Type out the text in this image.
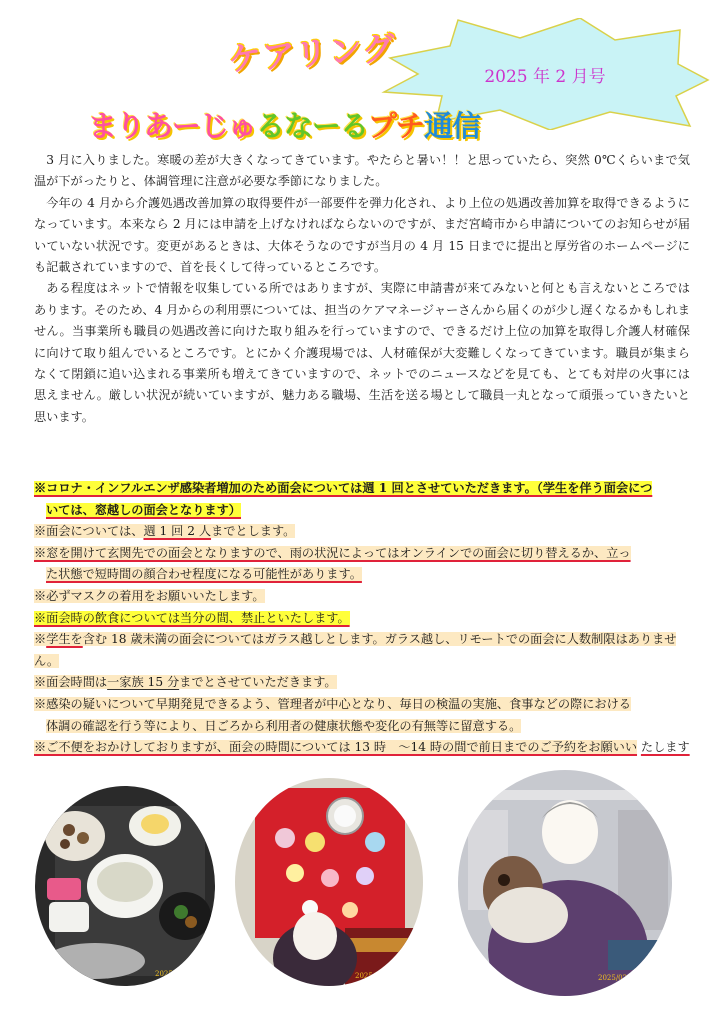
ケアリング	2025 年 2 月号
まりあーじゅるなーるプチ通信

3 月に入りました。寒暖の差が大きくなってきています。やたらと暑い！！と思っていたら、突然 0℃くらいまで気温が下がったりと、体調管理に注意が必要な季節になりました。

今年の 4 月から介護処遇改善加算の取得要件が一部要件を弾力化され、より上位の処遇改善加算を取得できるようになっています。本来なら 2 月には申請を上げなければならないのですが、まだ宮崎市から申請についてのお知らせが届いていない状況です。変更があるときは、大体そうなのですが当月の 4 月 15 日までに提出と厚労省のホームページにも記載されていますので、首を長くして待っているところです。

ある程度はネットで情報を収集している所ではありますが、実際に申請書が来てみないと何とも言えないところではあります。そのため、4 月からの利用票については、担当のケアマネージャーさんから届くのが少し遅くなるかもしれません。当事業所も職員の処遇改善に向けた取り組みを行っていますので、できるだけ上位の加算を取得し介護人材確保に向けて取り組んでいるところです。とにかく介護現場では、人材確保が大変難しくなってきています。職員が集まらなくて閉鎖に追い込まれる事業所も増えてきていますので、ネットでのニュースなどを見ても、とても対岸の火事には思えません。厳しい状況が続いていますが、魅力ある職場、生活を送る場として職員一丸となって頑張っていきたいと思います。

※コロナ・インフルエンザ感染者増加のため面会については週 1 回とさせていただきます。（学生を伴う面会につ
いては、窓越しの面会となります）
※面会については、週 1 回 2 人までとします。
※窓を開けて玄関先での面会となりますので、雨の状況によってはオンラインでの面会に切り替えるか、立っ
た状態で短時間の顔合わせ程度になる可能性があります。
※必ずマスクの着用をお願いいたします。
※面会時の飲食については当分の間、禁止といたします。
※学生を含む 18 歳未満の面会についてはガラス越しとします。ガラス越し、リモートでの面会に人数制限はありません。
※面会時間は一家族 15 分までとさせていただきます。
※感染の疑いについて早期発見できるよう、管理者が中心となり、毎日の検温の実施、食事などの際における
体調の確認を行う等により、日ごろから利用者の健康状態や変化の有無等に留意する。
※ご不便をおかけしておりますが、面会の時間については 13 時　～14 時の間で前日までのご予約をお願いい たします
2025/02/...	2025/02/...	2025/02/...
